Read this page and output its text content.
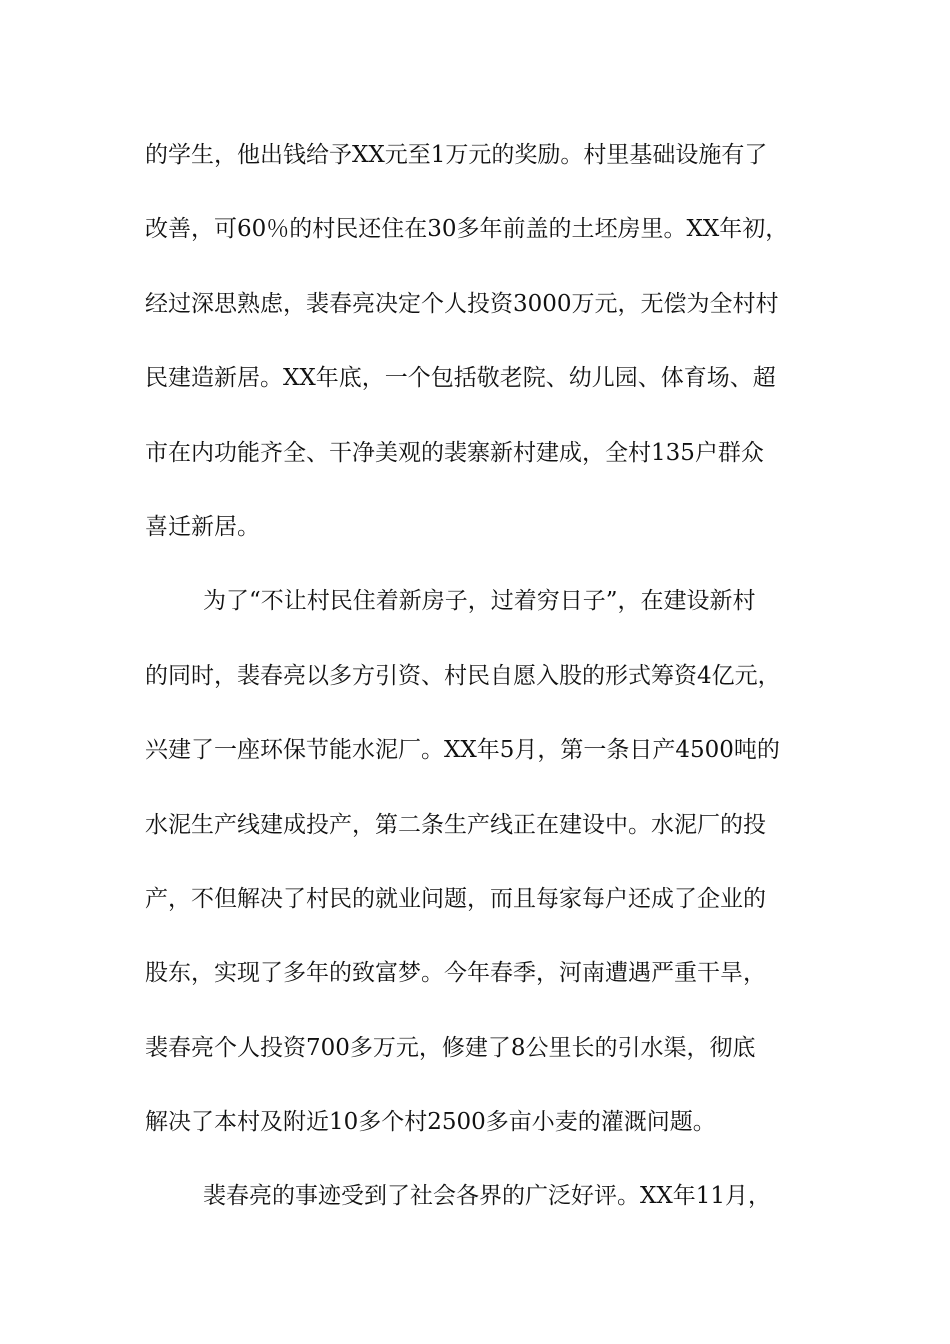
的学生，他出钱给予XX元至1万元的奖励。村里基础设施有了
改善，可60％的村民还住在30多年前盖的土坯房里。XX年初，
经过深思熟虑，裴春亮决定个人投资3000万元，无偿为全村村
民建造新居。XX年底，一个包括敬老院、幼儿园、体育场、超
市在内功能齐全、干净美观的裴寨新村建成，全村135户群众
喜迁新居。
为了“不让村民住着新房子，过着穷日子”，在建设新村
的同时，裴春亮以多方引资、村民自愿入股的形式筹资4亿元，
兴建了一座环保节能水泥厂。XX年5月，第一条日产4500吨的
水泥生产线建成投产，第二条生产线正在建设中。水泥厂的投
产，不但解决了村民的就业问题，而且每家每户还成了企业的
股东，实现了多年的致富梦。今年春季，河南遭遇严重干旱，
裴春亮个人投资700多万元，修建了8公里长的引水渠，彻底
解决了本村及附近10多个村2500多亩小麦的灌溉问题。
裴春亮的事迹受到了社会各界的广泛好评。XX年11月，
